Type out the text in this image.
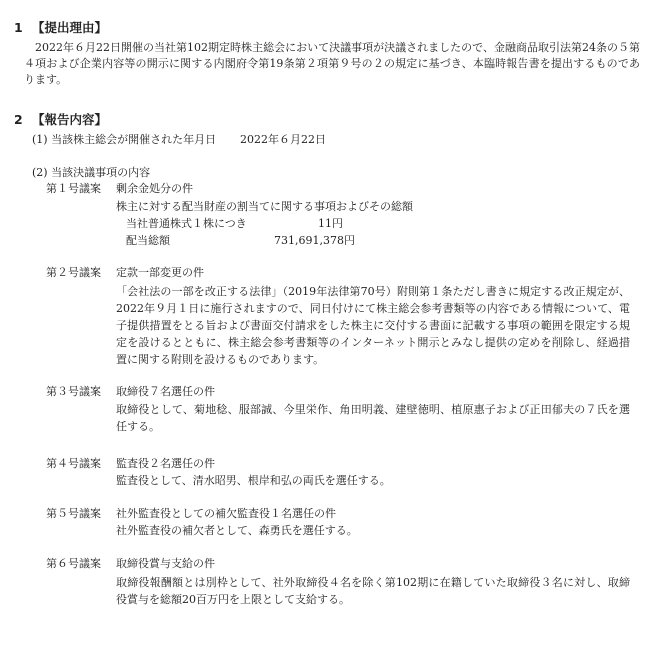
1 【提出理由】
2022年６月22日開催の当社第102期定時株主総会において決議事項が決議されましたので、金融商品取引法第24条の５第４項および企業内容等の開示に関する内閣府令第19条第２項第９号の２の規定に基づき、本臨時報告書を提出するものであります。
2 【報告内容】
(1) 当該株主総会が開催された年月日 2022年６月22日
(2) 当該決議事項の内容
第１号議案 剰余金処分の件
株主に対する配当財産の割当てに関する事項およびその総額
当社普通株式１株につき	11円
配当総額	731,691,378円
第２号議案 定款一部変更の件
「会社法の一部を改正する法律」（2019年法律第70号）附則第１条ただし書きに規定する改正規定が、2022年９月１日に施行されますので、同日付けにて株主総会参考書類等の内容である情報について、電子提供措置をとる旨および書面交付請求をした株主に交付する書面に記載する事項の範囲を限定する規定を設けるとともに、株主総会参考書類等のインターネット開示とみなし提供の定めを削除し、経過措置に関する附則を設けるものであります。
第３号議案 取締役７名選任の件
取締役として、菊地稔、服部誠、今里栄作、角田明義、建壁徳明、植原惠子および正田郁夫の７氏を選任する。
第４号議案 監査役２名選任の件
監査役として、清水昭男、根岸和弘の両氏を選任する。
第５号議案 社外監査役としての補欠監査役１名選任の件
社外監査役の補欠者として、森勇氏を選任する。
第６号議案 取締役賞与支給の件
取締役報酬額とは別枠として、社外取締役４名を除く第102期に在籍していた取締役３名に対し、取締役賞与を総額20百万円を上限として支給する。
